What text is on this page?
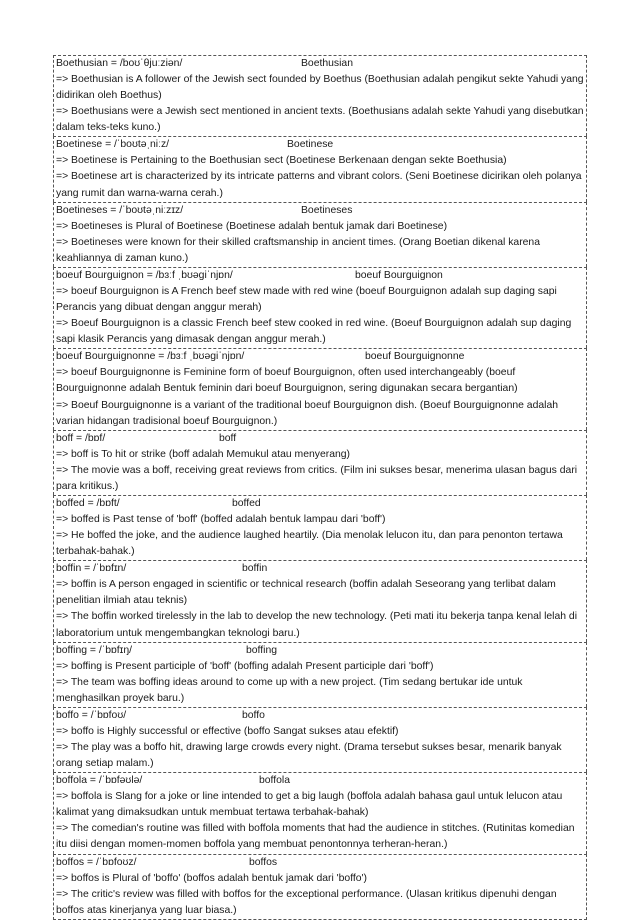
Boethusian = /boʊˈθjuːziən/	Boethusian
=> Boethusian is A follower of the Jewish sect founded by Boethus (Boethusian adalah pengikut sekte Yahudi yang didirikan oleh Boethus)
=> Boethusians were a Jewish sect mentioned in ancient texts. (Boethusians adalah sekte Yahudi yang disebutkan dalam teks-teks kuno.)
Boetinese = /ˈboʊtəˌniːz/	Boetinese
=> Boetinese is Pertaining to the Boethusian sect (Boetinese Berkenaan dengan sekte Boethusia)
=> Boetinese art is characterized by its intricate patterns and vibrant colors. (Seni Boetinese dicirikan oleh polanya yang rumit dan warna-warna cerah.)
Boetineses = /ˈboʊtəˌniːzɪz/	Boetineses
=> Boetineses is Plural of Boetinese (Boetinese adalah bentuk jamak dari Boetinese)
=> Boetineses were known for their skilled craftsmanship in ancient times. (Orang Boetian dikenal karena keahliannya di zaman kuno.)
boeuf Bourguignon = /bɜːf ˌbʊəgiˈnjɒn/	boeuf Bourguignon
=> boeuf Bourguignon is A French beef stew made with red wine (boeuf Bourguignon adalah sup daging sapi Perancis yang dibuat dengan anggur merah)
=> Boeuf Bourguignon is a classic French beef stew cooked in red wine. (Boeuf Bourguignon adalah sup daging sapi klasik Perancis yang dimasak dengan anggur merah.)
boeuf Bourguignonne = /bɜːf ˌbʊəgiˈnjɒn/	boeuf Bourguignonne
=> boeuf Bourguignonne is Feminine form of boeuf Bourguignon, often used interchangeably (boeuf Bourguignonne adalah Bentuk feminin dari boeuf Bourguignon, sering digunakan secara bergantian)
=> Boeuf Bourguignonne is a variant of the traditional boeuf Bourguignon dish. (Boeuf Bourguignonne adalah varian hidangan tradisional boeuf Bourguignon.)
boff = /bɒf/	boff
=> boff is To hit or strike (boff adalah Memukul atau menyerang)
=> The movie was a boff, receiving great reviews from critics. (Film ini sukses besar, menerima ulasan bagus dari para kritikus.)
boffed = /bɒft/	boffed
=> boffed is Past tense of 'boff' (boffed adalah bentuk lampau dari 'boff')
=> He boffed the joke, and the audience laughed heartily. (Dia menolak lelucon itu, dan para penonton tertawa terbahak-bahak.)
boffin = /ˈbɒfɪn/	boffin
=> boffin is A person engaged in scientific or technical research (boffin adalah Seseorang yang terlibat dalam penelitian ilmiah atau teknis)
=> The boffin worked tirelessly in the lab to develop the new technology. (Peti mati itu bekerja tanpa kenal lelah di laboratorium untuk mengembangkan teknologi baru.)
boffing = /ˈbɒfɪŋ/	boffing
=> boffing is Present participle of 'boff' (boffing adalah Present participle dari 'boff')
=> The team was boffing ideas around to come up with a new project. (Tim sedang bertukar ide untuk menghasilkan proyek baru.)
boffo = /ˈbɒfoʊ/	boffo
=> boffo is Highly successful or effective (boffo Sangat sukses atau efektif)
=> The play was a boffo hit, drawing large crowds every night. (Drama tersebut sukses besar, menarik banyak orang setiap malam.)
boffola = /ˈbɒfəʊlə/	boffola
=> boffola is Slang for a joke or line intended to get a big laugh (boffola adalah bahasa gaul untuk lelucon atau kalimat yang dimaksudkan untuk membuat tertawa terbahak-bahak)
=> The comedian's routine was filled with boffola moments that had the audience in stitches. (Rutinitas komedian itu diisi dengan momen-momen boffola yang membuat penontonnya terheran-heran.)
boffos = /ˈbɒfoʊz/	boffos
=> boffos is Plural of 'boffo' (boffos adalah bentuk jamak dari 'boffo')
=> The critic's review was filled with boffos for the exceptional performance. (Ulasan kritikus dipenuhi dengan boffos atas kinerjanya yang luar biasa.)
